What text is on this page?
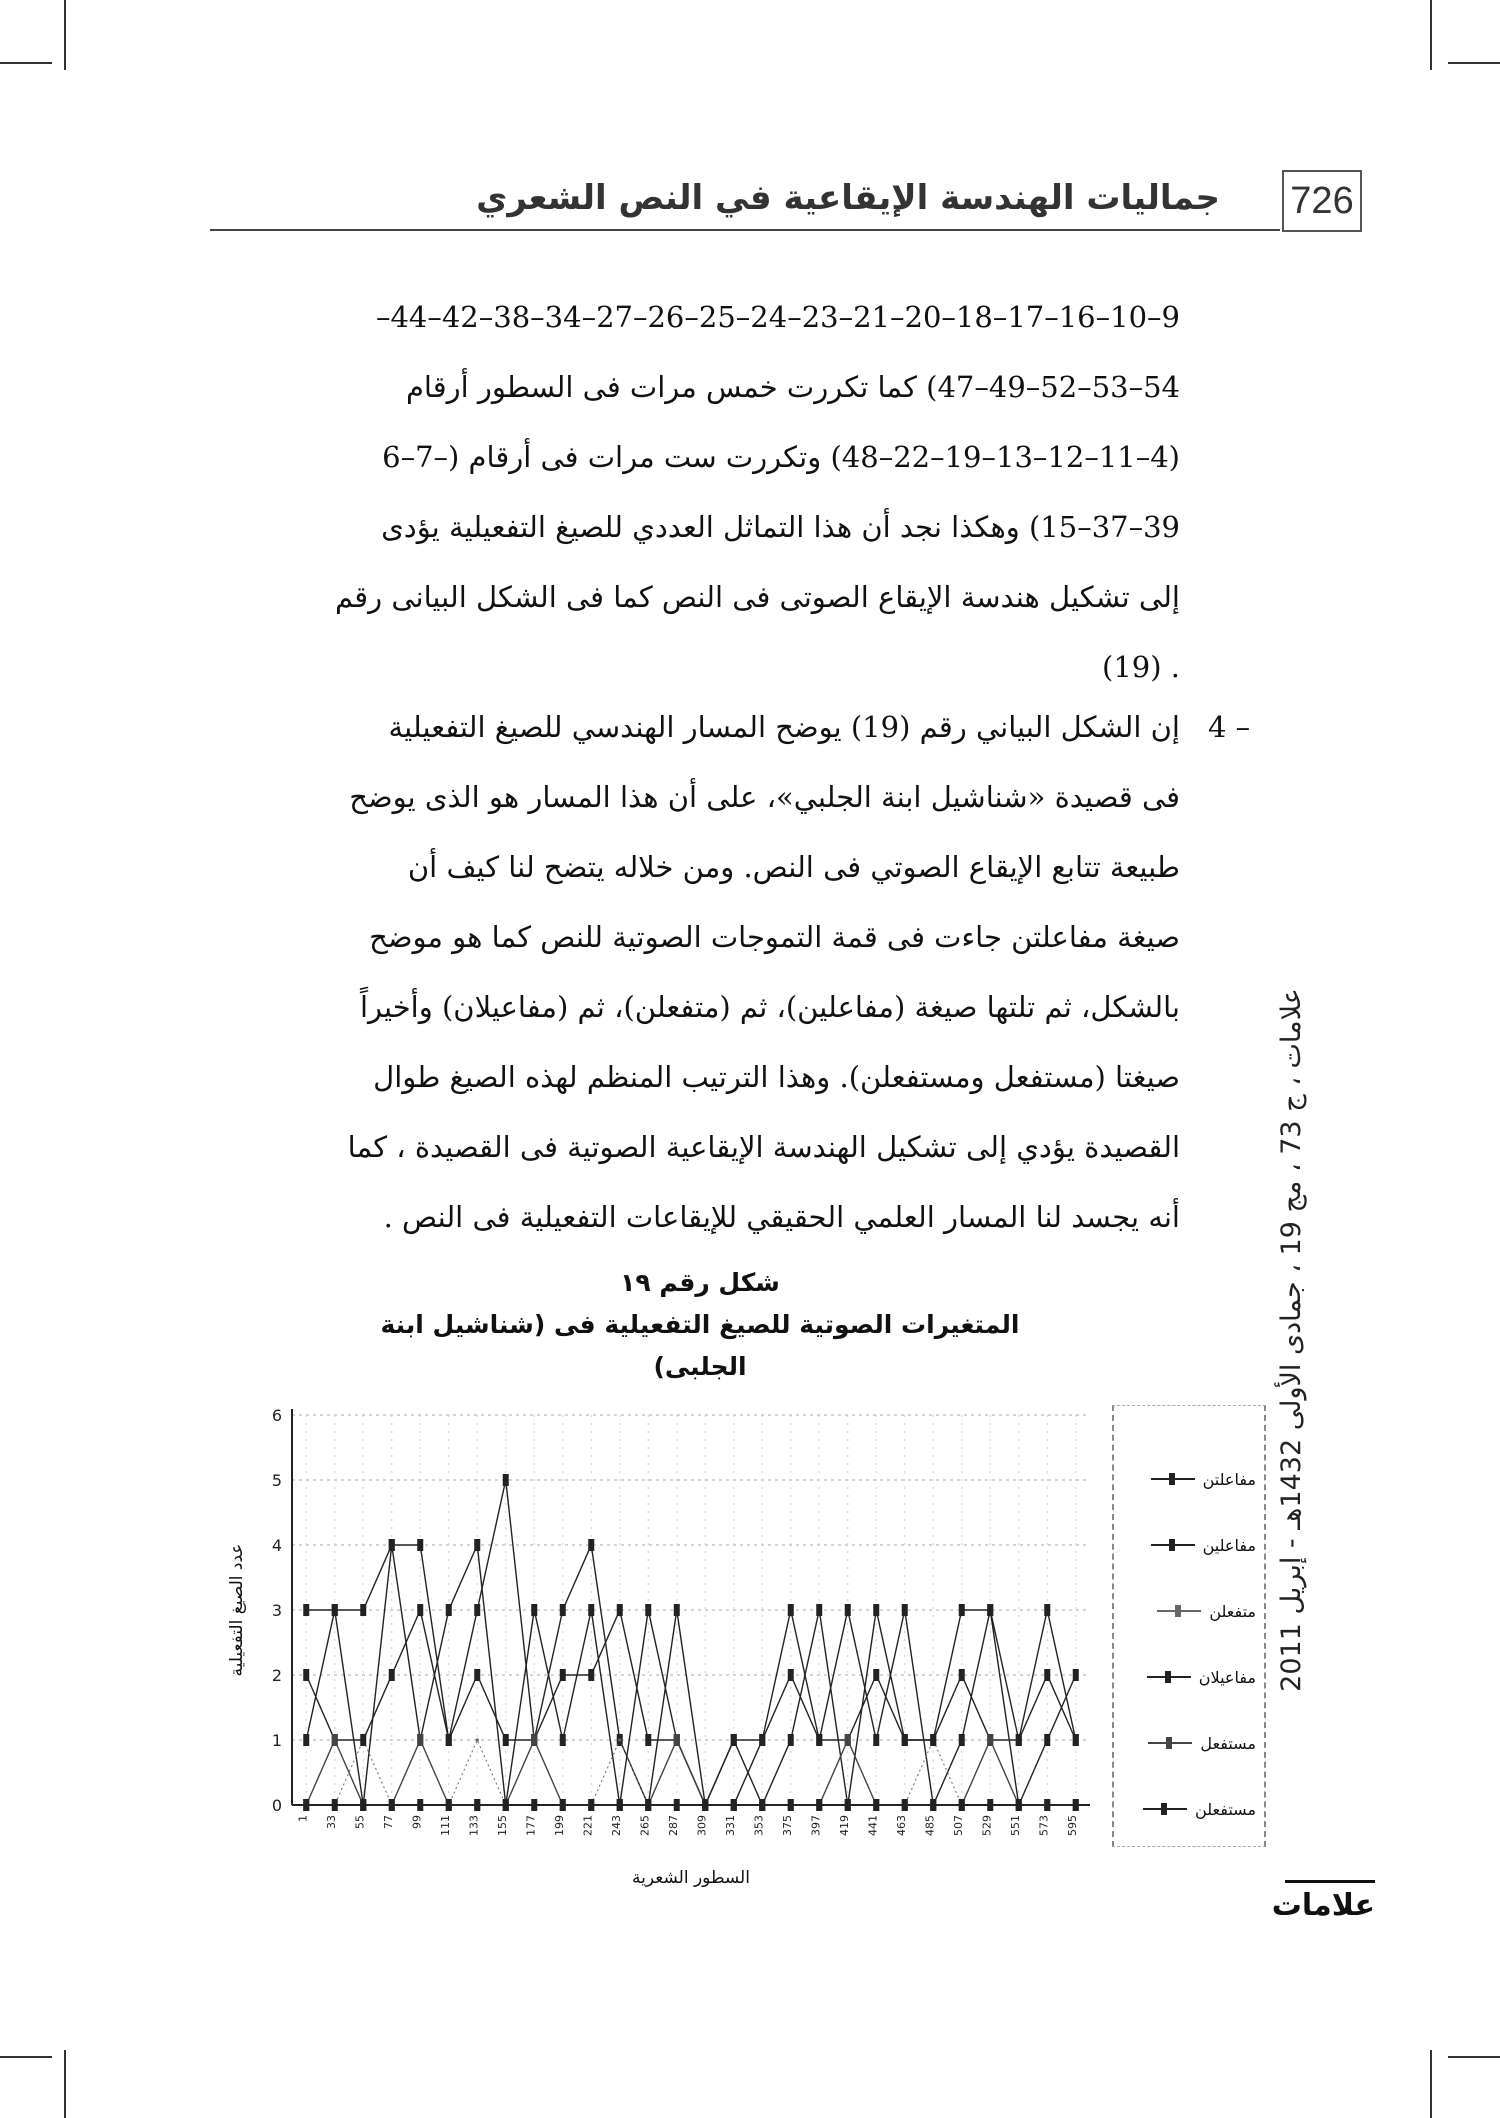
726
جماليات الهندسة الإيقاعية في النص الشعري
9–10–16–17–18–20–21–23–24–25–26–27–34–38–42–44–
54–53–52–49–47) كما تكررت خمس مرات فى السطور أرقام
(4–11–12–13–19–22–48) وتكررت ست مرات فى أرقام (–7–6
39–37–15) وهكذا نجد أن هذا التماثل العددي للصيغ التفعيلية يؤدى
إلى تشكيل هندسة الإيقاع الصوتى فى النص كما فى الشكل البيانى رقم
. (19)
4 –
إن الشكل البياني رقم (19) يوضح المسار الهندسي للصيغ التفعيلية
فى قصيدة «شناشيل ابنة الجلبي»، على أن هذا المسار هو الذى يوضح
طبيعة تتابع الإيقاع الصوتي فى النص. ومن خلاله يتضح لنا كيف أن
صيغة مفاعلتن جاءت فى قمة التموجات الصوتية للنص كما هو موضح
بالشكل، ثم تلتها صيغة (مفاعلين)، ثم (متفعلن)، ثم (مفاعيلان) وأخيراً
صيغتا (مستفعل ومستفعلن). وهذا الترتيب المنظم لهذه الصيغ طوال
القصيدة يؤدي إلى تشكيل الهندسة الإيقاعية الصوتية فى القصيدة ، كما
أنه يجسد لنا المسار العلمي الحقيقي للإيقاعات التفعيلية فى النص .
شكل رقم ١٩
المتغيرات الصوتية للصيغ التفعيلية فى (شناشيل ابنة الجلبى)
0
1
2
3
4
5
6
1 33 55 77 99 111 133 155 177 199 221 243 265 287 309 331 353 375 397 419 441 463 485 507 529 551 573 595
السطور الشعرية
عدد الصيغ التفعيلية	علامات ، ج 73 ، مج 19 ، جمادى الأولى 1432هـ - إبريل 2011
علامات
مفاعلتن
مفاعلين
متفعلن
مفاعيلان
مستفعل
مستفعلن
